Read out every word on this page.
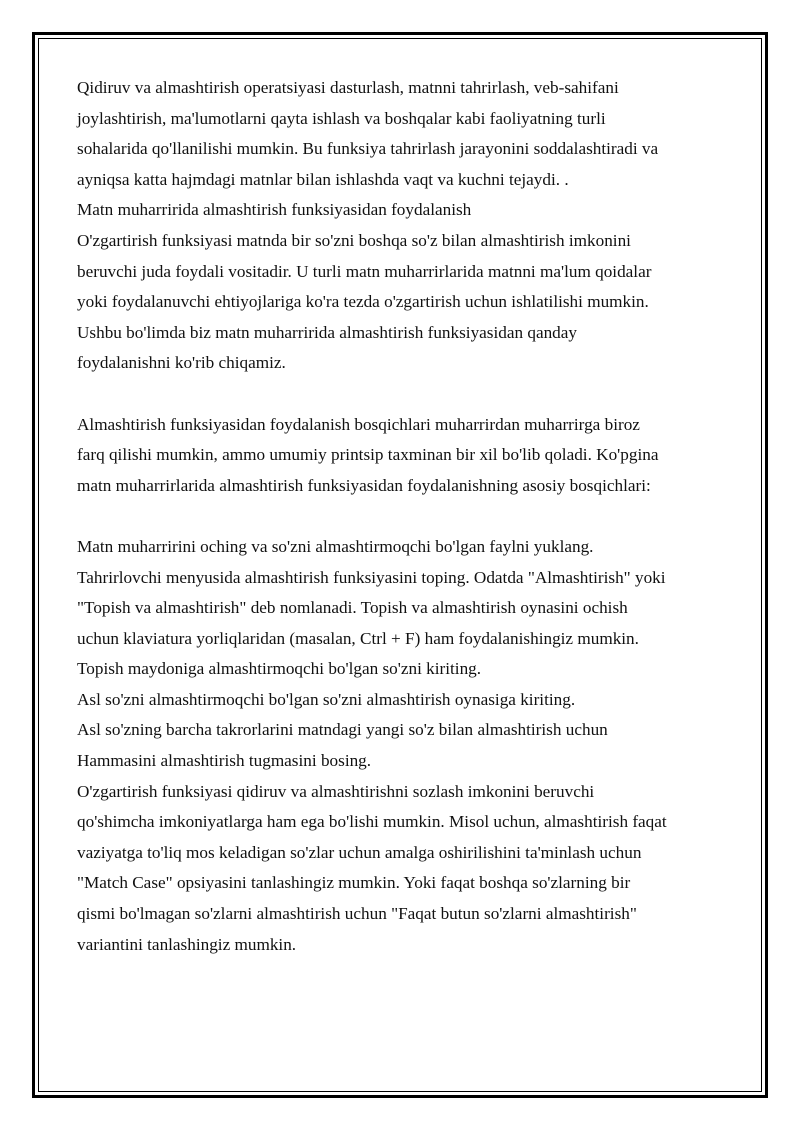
Qidiruv va almashtirish operatsiyasi dasturlash, matnni tahrirlash, veb-sahifani
joylashtirish, ma'lumotlarni qayta ishlash va boshqalar kabi faoliyatning turli
sohalarida qo'llanilishi mumkin. Bu funksiya tahrirlash jarayonini soddalashtiradi va
ayniqsa katta hajmdagi matnlar bilan ishlashda vaqt va kuchni tejaydi. .
Matn muharririda almashtirish funksiyasidan foydalanish
O'zgartirish funksiyasi matnda bir so'zni boshqa so'z bilan almashtirish imkonini
beruvchi juda foydali vositadir. U turli matn muharrirlarida matnni ma'lum qoidalar
yoki foydalanuvchi ehtiyojlariga ko'ra tezda o'zgartirish uchun ishlatilishi mumkin.
Ushbu bo'limda biz matn muharririda almashtirish funksiyasidan qanday
foydalanishni ko'rib chiqamiz.
Almashtirish funksiyasidan foydalanish bosqichlari muharrirdan muharrirga biroz
farq qilishi mumkin, ammo umumiy printsip taxminan bir xil bo'lib qoladi. Ko'pgina
matn muharrirlarida almashtirish funksiyasidan foydalanishning asosiy bosqichlari:
Matn muharririni oching va so'zni almashtirmoqchi bo'lgan faylni yuklang.
Tahrirlovchi menyusida almashtirish funksiyasini toping. Odatda "Almashtirish" yoki
"Topish va almashtirish" deb nomlanadi. Topish va almashtirish oynasini ochish
uchun klaviatura yorliqlaridan (masalan, Ctrl + F) ham foydalanishingiz mumkin.
Topish maydoniga almashtirmoqchi bo'lgan so'zni kiriting.
Asl so'zni almashtirmoqchi bo'lgan so'zni almashtirish oynasiga kiriting.
Asl so'zning barcha takrorlarini matndagi yangi so'z bilan almashtirish uchun
Hammasini almashtirish tugmasini bosing.
O'zgartirish funksiyasi qidiruv va almashtirishni sozlash imkonini beruvchi
qo'shimcha imkoniyatlarga ham ega bo'lishi mumkin. Misol uchun, almashtirish faqat
vaziyatga to'liq mos keladigan so'zlar uchun amalga oshirilishini ta'minlash uchun
"Match Case" opsiyasini tanlashingiz mumkin. Yoki faqat boshqa so'zlarning bir
qismi bo'lmagan so'zlarni almashtirish uchun "Faqat butun so'zlarni almashtirish"
variantini tanlashingiz mumkin.
